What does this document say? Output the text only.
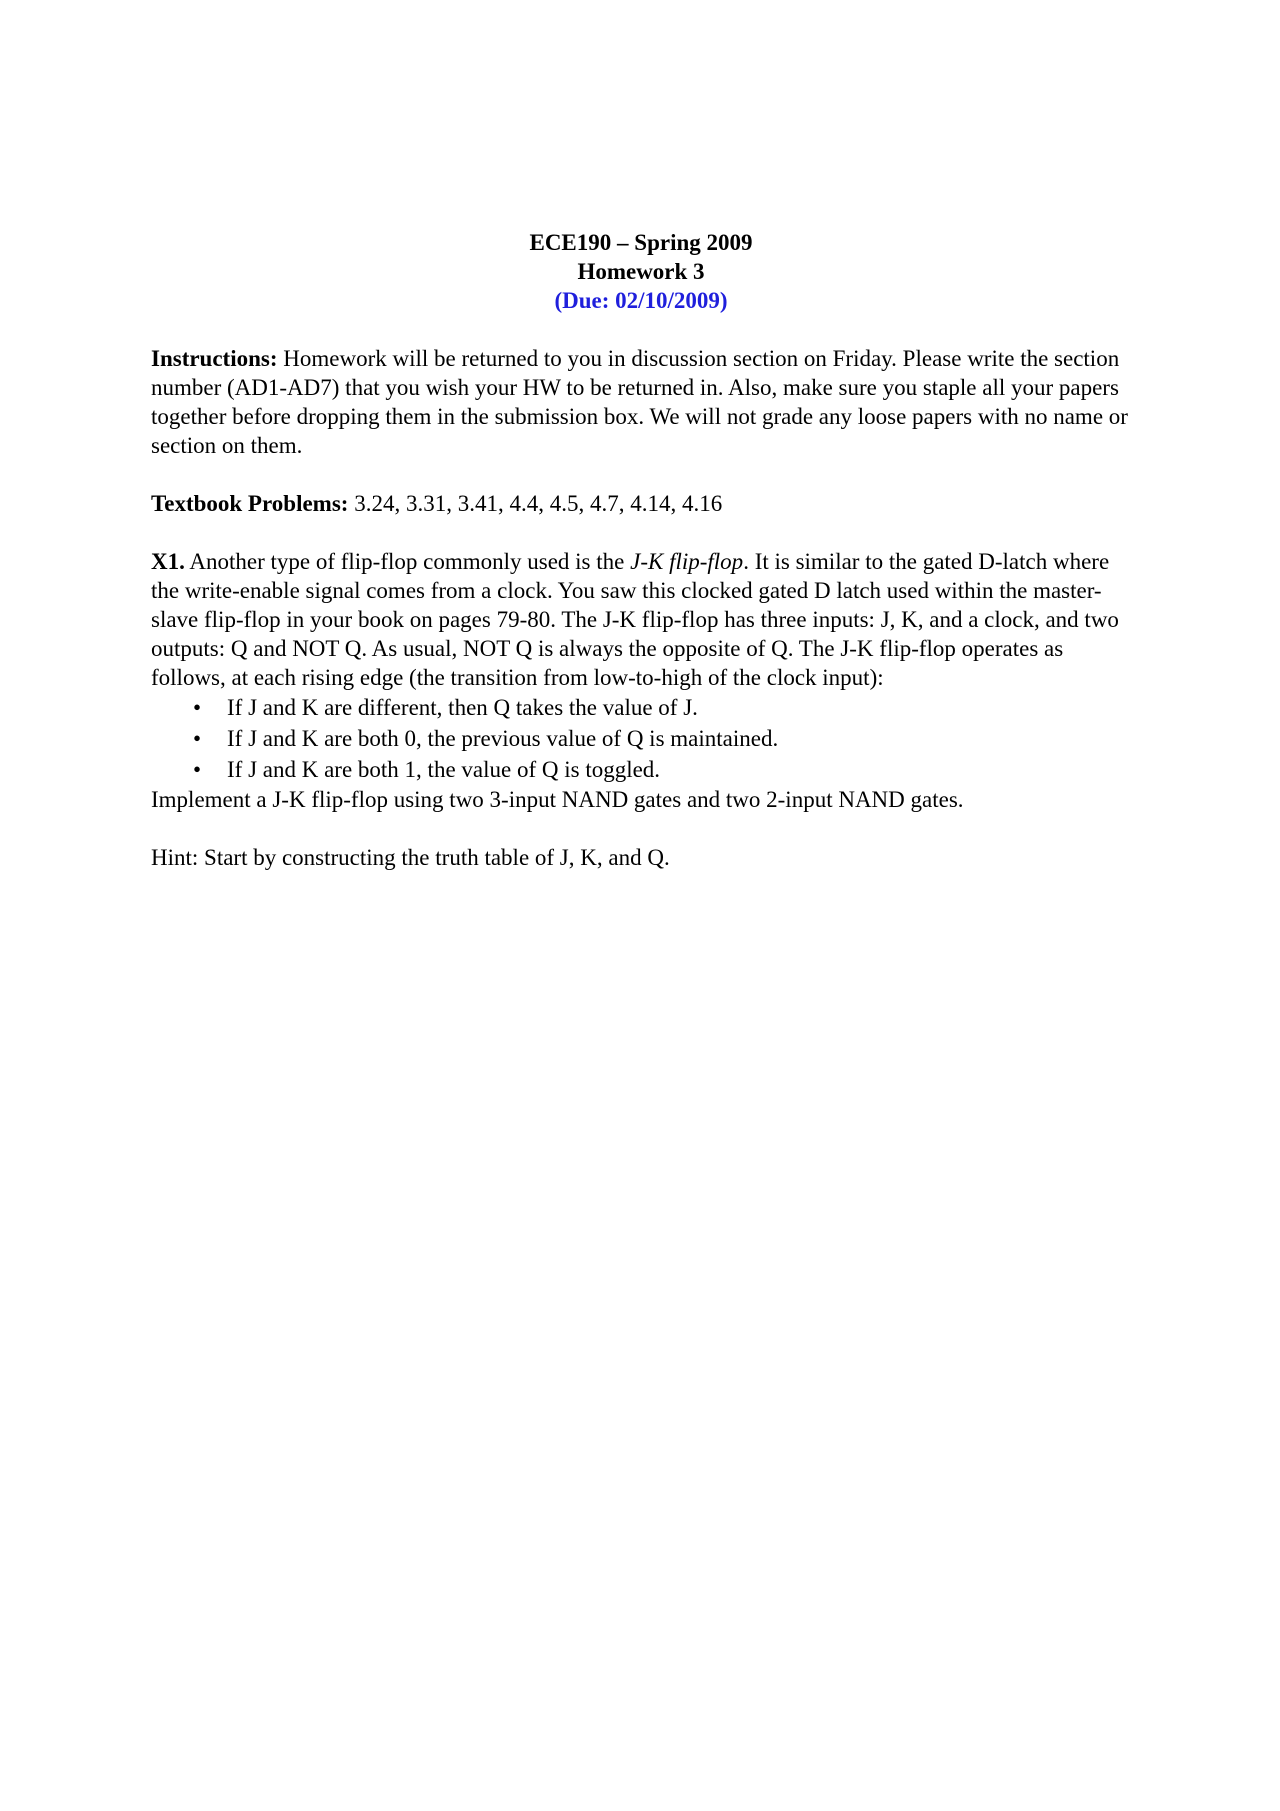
ECE190 – Spring 2009
Homework 3
(Due: 02/10/2009)

Instructions: Homework will be returned to you in discussion section on Friday. Please write the section number (AD1-AD7) that you wish your HW to be returned in. Also, make sure you staple all your papers together before dropping them in the submission box. We will not grade any loose papers with no name or section on them.

Textbook Problems: 3.24, 3.31, 3.41, 4.4, 4.5, 4.7, 4.14, 4.16

X1. Another type of flip-flop commonly used is the J-K flip-flop. It is similar to the gated D-latch where the write-enable signal comes from a clock. You saw this clocked gated D latch used within the master-slave flip-flop in your book on pages 79-80. The J-K flip-flop has three inputs: J, K, and a clock, and two outputs: Q and NOT Q. As usual, NOT Q is always the opposite of Q. The J-K flip-flop operates as follows, at each rising edge (the transition from low-to-high of the clock input):

• If J and K are different, then Q takes the value of J.
• If J and K are both 0, the previous value of Q is maintained.
• If J and K are both 1, the value of Q is toggled.

Implement a J-K flip-flop using two 3-input NAND gates and two 2-input NAND gates.

Hint: Start by constructing the truth table of J, K, and Q.
